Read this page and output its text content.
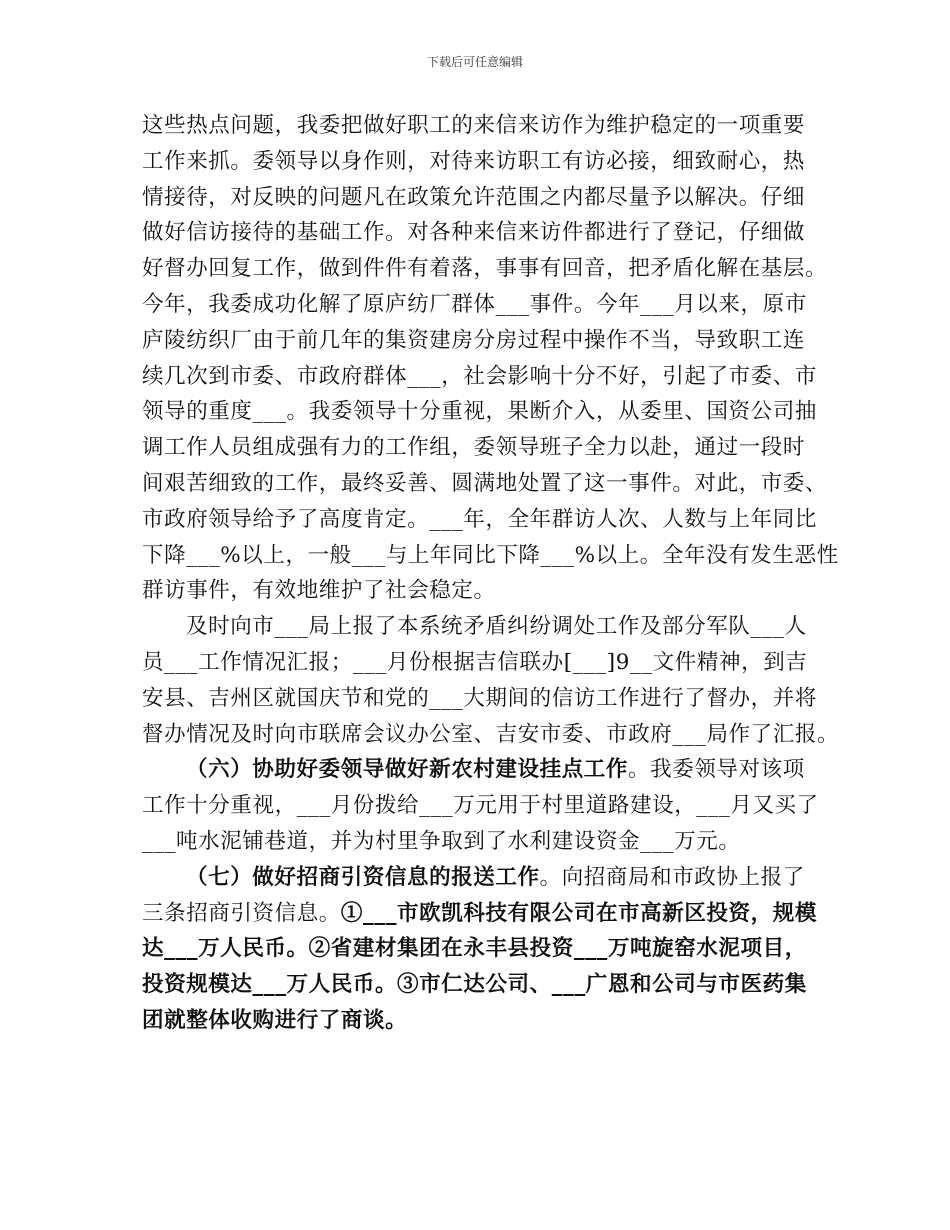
下载后可任意编辑
这些热点问题，我委把做好职工的来信来访作为维护稳定的一项重要
工作来抓。委领导以身作则，对待来访职工有访必接，细致耐心，热
情接待，对反映的问题凡在政策允许范围之内都尽量予以解决。仔细
做好信访接待的基础工作。对各种来信来访件都进行了登记，仔细做
好督办回复工作，做到件件有着落，事事有回音，把矛盾化解在基层。
今年，我委成功化解了原庐纺厂群体___事件。今年___月以来，原市
庐陵纺织厂由于前几年的集资建房分房过程中操作不当，导致职工连
续几次到市委、市政府群体___，社会影响十分不好，引起了市委、市
领导的重度___。我委领导十分重视，果断介入，从委里、国资公司抽
调工作人员组成强有力的工作组，委领导班子全力以赴，通过一段时
间艰苦细致的工作，最终妥善、圆满地处置了这一事件。对此，市委、
市政府领导给予了高度肯定。___年，全年群访人次、人数与上年同比
下降___%以上，一般___与上年同比下降___%以上。全年没有发生恶性
群访事件，有效地维护了社会稳定。
及时向市___局上报了本系统矛盾纠纷调处工作及部分军队___人
员___工作情况汇报；___月份根据吉信联办[___]9__文件精神，到吉
安县、吉州区就国庆节和党的___大期间的信访工作进行了督办，并将
督办情况及时向市联席会议办公室、吉安市委、市政府___局作了汇报。
（六）协助好委领导做好新农村建设挂点工作。我委领导对该项
工作十分重视，___月份拨给___万元用于村里道路建设，___月又买了
___吨水泥铺巷道，并为村里争取到了水利建设资金___万元。
（七）做好招商引资信息的报送工作。向招商局和市政协上报了
三条招商引资信息。①___市欧凯科技有限公司在市高新区投资，规模
达___万人民币。②省建材集团在永丰县投资___万吨旋窑水泥项目，
投资规模达___万人民币。③市仁达公司、___广恩和公司与市医药集
团就整体收购进行了商谈。
